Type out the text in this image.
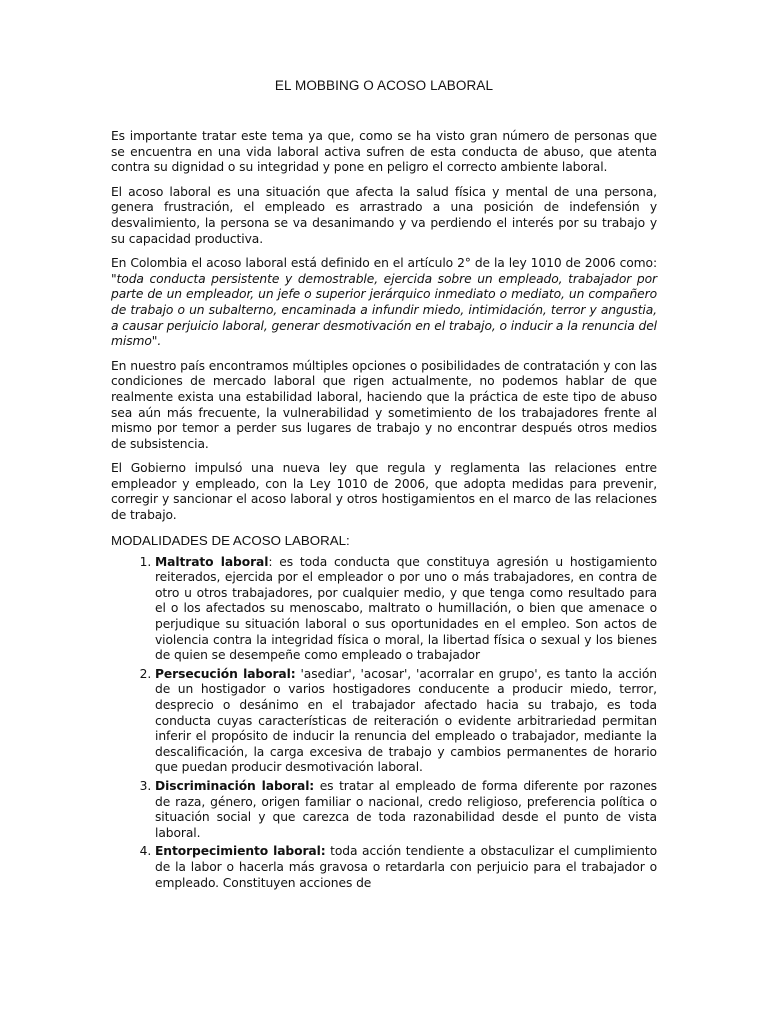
EL MOBBING O ACOSO LABORAL

Es importante tratar este tema ya que, como se ha visto gran número de personas que se encuentra en una vida laboral activa sufren de esta conducta de abuso, que atenta contra su dignidad o su integridad y pone en peligro el correcto ambiente laboral.

El acoso laboral es una situación que afecta la salud física y mental de una persona, genera frustración, el empleado es arrastrado a una posición de indefensión y desvalimiento, la persona se va desanimando y va perdiendo el interés por su trabajo y su capacidad productiva.

En Colombia el acoso laboral está definido en el artículo 2° de la ley 1010 de 2006 como: "toda conducta persistente y demostrable, ejercida sobre un empleado, trabajador por parte de un empleador, un jefe o superior jerárquico inmediato o mediato, un compañero de trabajo o un subalterno, encaminada a infundir miedo, intimidación, terror y angustia, a causar perjuicio laboral, generar desmotivación en el trabajo, o inducir a la renuncia del mismo".

En nuestro país encontramos múltiples opciones o posibilidades de contratación y con las condiciones de mercado laboral que rigen actualmente, no podemos hablar de que realmente exista una estabilidad laboral, haciendo que la práctica de este tipo de abuso sea aún más frecuente, la vulnerabilidad y sometimiento de los trabajadores frente al mismo por temor a perder sus lugares de trabajo y no encontrar después otros medios de subsistencia.

El Gobierno impulsó una nueva ley que regula y reglamenta las relaciones entre empleador y empleado, con la Ley 1010 de 2006, que adopta medidas para prevenir, corregir y sancionar el acoso laboral y otros hostigamientos en el marco de las relaciones de trabajo.

MODALIDADES DE ACOSO LABORAL:
1. Maltrato laboral: es toda conducta que constituya agresión u hostigamiento reiterados, ejercida por el empleador o por uno o más trabajadores, en contra de otro u otros trabajadores, por cualquier medio, y que tenga como resultado para el o los afectados su menoscabo, maltrato o humillación, o bien que amenace o perjudique su situación laboral o sus oportunidades en el empleo. Son actos de violencia contra la integridad física o moral, la libertad física o sexual y los bienes de quien se desempeñe como empleado o trabajador
2. Persecución laboral: 'asediar', 'acosar', 'acorralar en grupo', es tanto la acción de un hostigador o varios hostigadores conducente a producir miedo, terror, desprecio o desánimo en el trabajador afectado hacia su trabajo, es toda conducta cuyas características de reiteración o evidente arbitrariedad permitan inferir el propósito de inducir la renuncia del empleado o trabajador, mediante la descalificación, la carga excesiva de trabajo y cambios permanentes de horario que puedan producir desmotivación laboral.
3. Discriminación laboral: es tratar al empleado de forma diferente por razones de raza, género, origen familiar o nacional, credo religioso, preferencia política o situación social y que carezca de toda razonabilidad desde el punto de vista laboral.
4. Entorpecimiento laboral: toda acción tendiente a obstaculizar el cumplimiento de la labor o hacerla más gravosa o retardarla con perjuicio para el trabajador o empleado. Constituyen acciones de
